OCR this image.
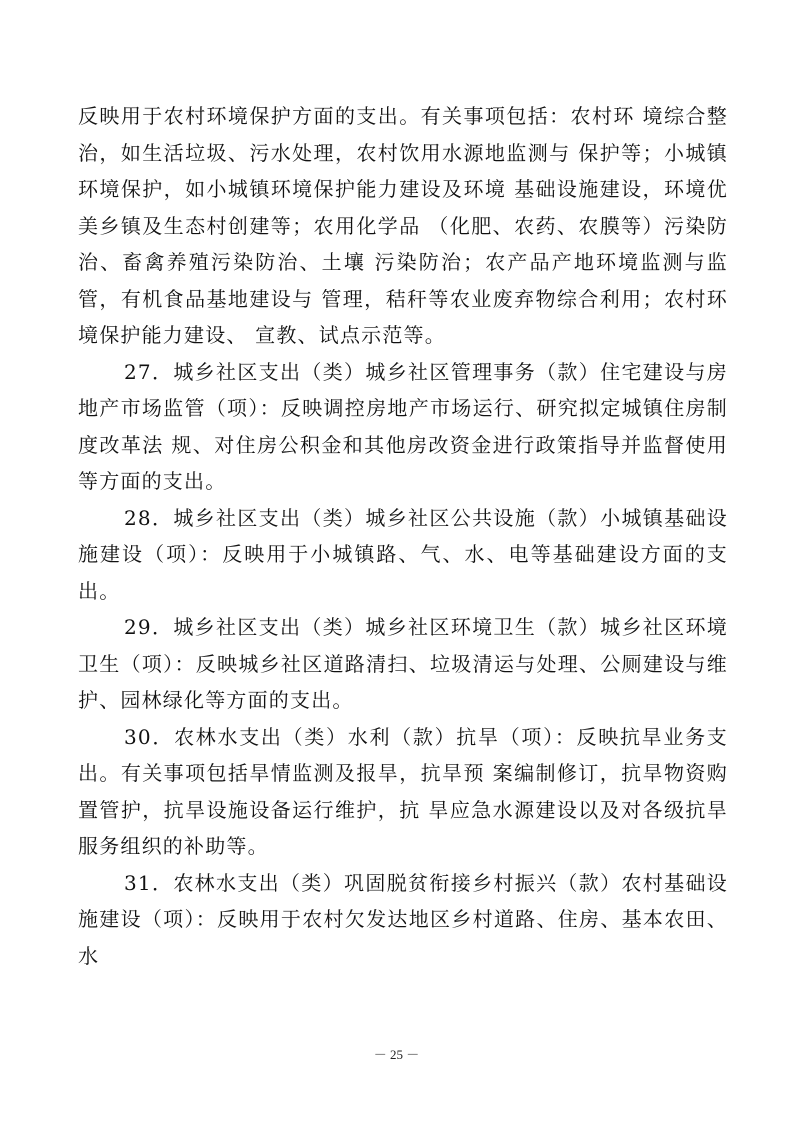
反映用于农村环境保护方面的支出。有关事项包括：农村环 境综合整治，如生活垃圾、污水处理，农村饮用水源地监测与 保护等；小城镇环境保护，如小城镇环境保护能力建设及环境 基础设施建设，环境优美乡镇及生态村创建等；农用化学品 （化肥、农药、农膜等）污染防治、畜禽养殖污染防治、土壤 污染防治；农产品产地环境监测与监管，有机食品基地建设与 管理，秸秆等农业废弃物综合利用；农村环境保护能力建设、 宣教、试点示范等。

27．城乡社区支出（类）城乡社区管理事务（款）住宅建设与房地产市场监管（项）：反映调控房地产市场运行、研究拟定城镇住房制度改革法 规、对住房公积金和其他房改资金进行政策指导并监督使用等方面的支出。

28．城乡社区支出（类）城乡社区公共设施（款）小城镇基础设施建设（项）：反映用于小城镇路、气、水、电等基础建设方面的支出。

29．城乡社区支出（类）城乡社区环境卫生（款）城乡社区环境卫生（项）：反映城乡社区道路清扫、垃圾清运与处理、公厕建设与维护、园林绿化等方面的支出。

30．农林水支出（类）水利（款）抗旱（项）：反映抗旱业务支出。有关事项包括旱情监测及报旱，抗旱预 案编制修订，抗旱物资购置管护，抗旱设施设备运行维护，抗 旱应急水源建设以及对各级抗旱服务组织的补助等。

31．农林水支出（类）巩固脱贫衔接乡村振兴（款）农村基础设施建设（项）：反映用于农村欠发达地区乡村道路、住房、基本农田、水

－ 25 －
